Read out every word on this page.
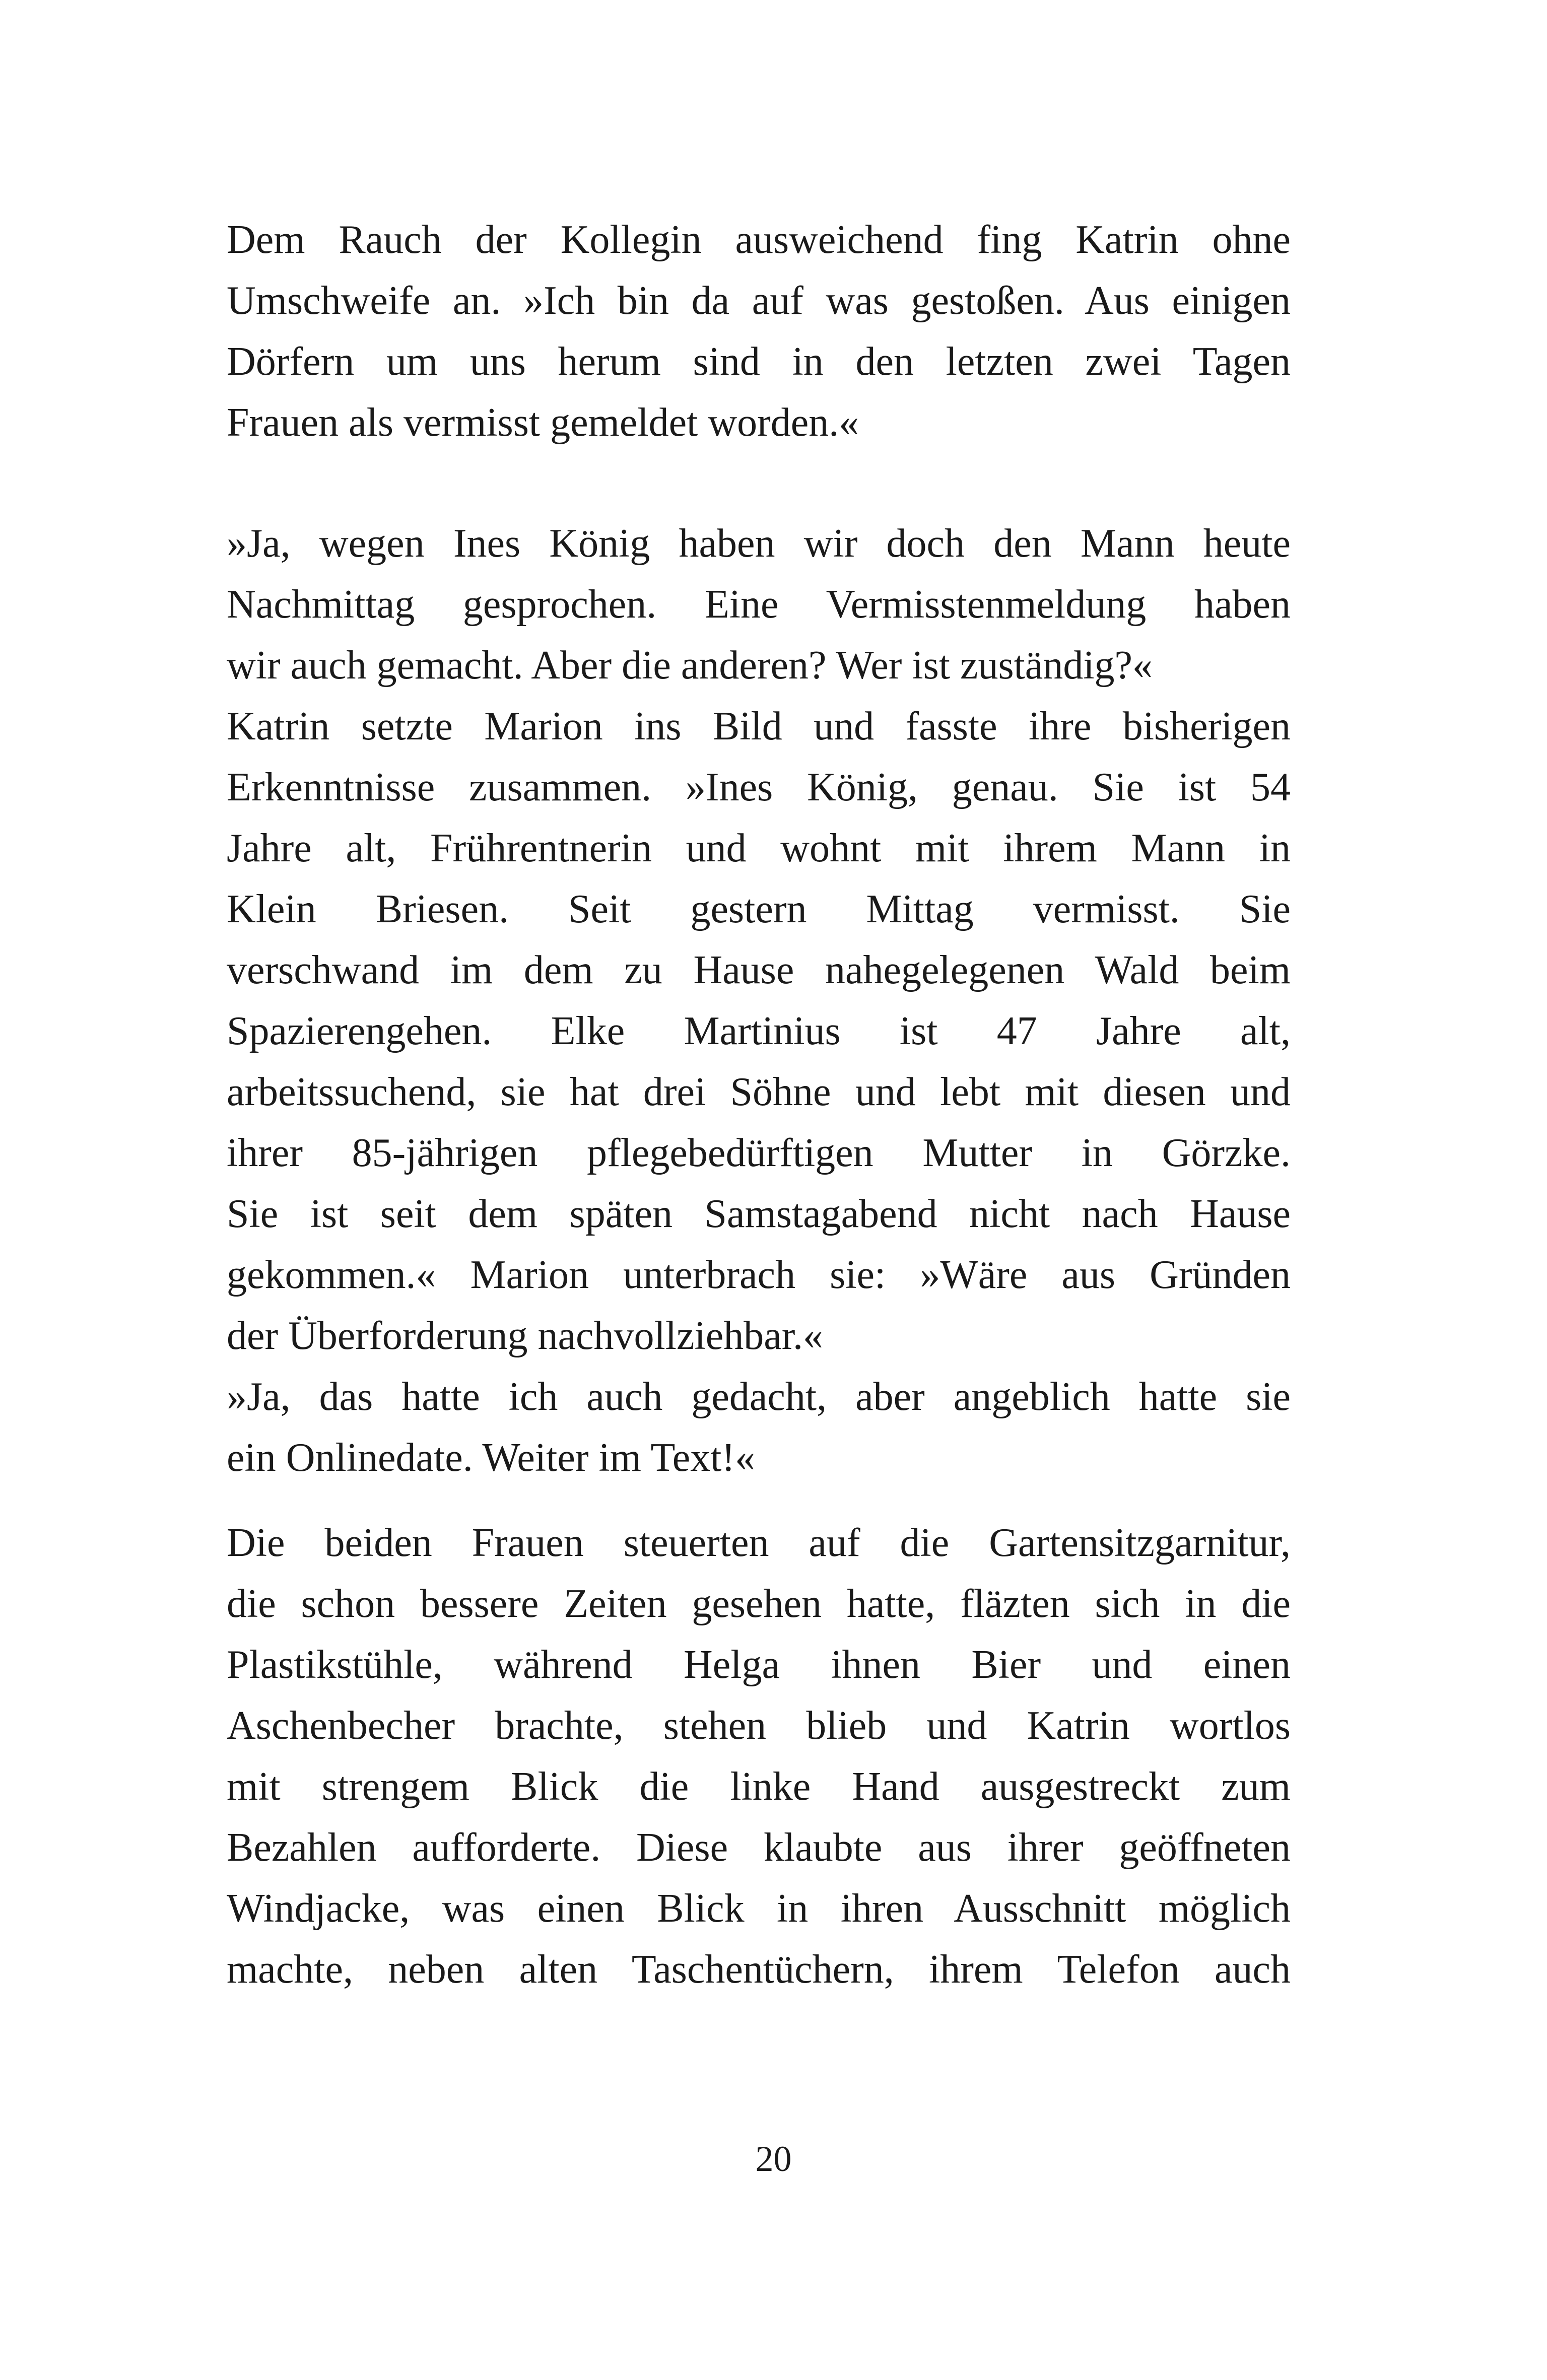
Dem Rauch der Kollegin ausweichend fing Katrin ohne
Umschweife an. »Ich bin da auf was gestoßen. Aus einigen
Dörfern um uns herum sind in den letzten zwei Tagen
Frauen als vermisst gemeldet worden.«
»Ja, wegen Ines König haben wir doch den Mann heute
Nachmittag gesprochen. Eine Vermisstenmeldung haben
wir auch gemacht. Aber die anderen? Wer ist zuständig?«
Katrin setzte Marion ins Bild und fasste ihre bisherigen
Erkenntnisse zusammen. »Ines König, genau. Sie ist 54
Jahre alt, Frührentnerin und wohnt mit ihrem Mann in
Klein Briesen. Seit gestern Mittag vermisst. Sie
verschwand im dem zu Hause nahegelegenen Wald beim
Spazierengehen. Elke Martinius ist 47 Jahre alt,
arbeitssuchend, sie hat drei Söhne und lebt mit diesen und
ihrer 85-jährigen pflegebedürftigen Mutter in Görzke.
Sie ist seit dem späten Samstagabend nicht nach Hause
gekommen.« Marion unterbrach sie: »Wäre aus Gründen
der Überforderung nachvollziehbar.«
»Ja, das hatte ich auch gedacht, aber angeblich hatte sie
ein Onlinedate. Weiter im Text!«
Die beiden Frauen steuerten auf die Gartensitzgarnitur,
die schon bessere Zeiten gesehen hatte, fläzten sich in die
Plastikstühle, während Helga ihnen Bier und einen
Aschenbecher brachte, stehen blieb und Katrin wortlos
mit strengem Blick die linke Hand ausgestreckt zum
Bezahlen aufforderte. Diese klaubte aus ihrer geöffneten
Windjacke, was einen Blick in ihren Ausschnitt möglich
machte, neben alten Taschentüchern, ihrem Telefon auch
20
